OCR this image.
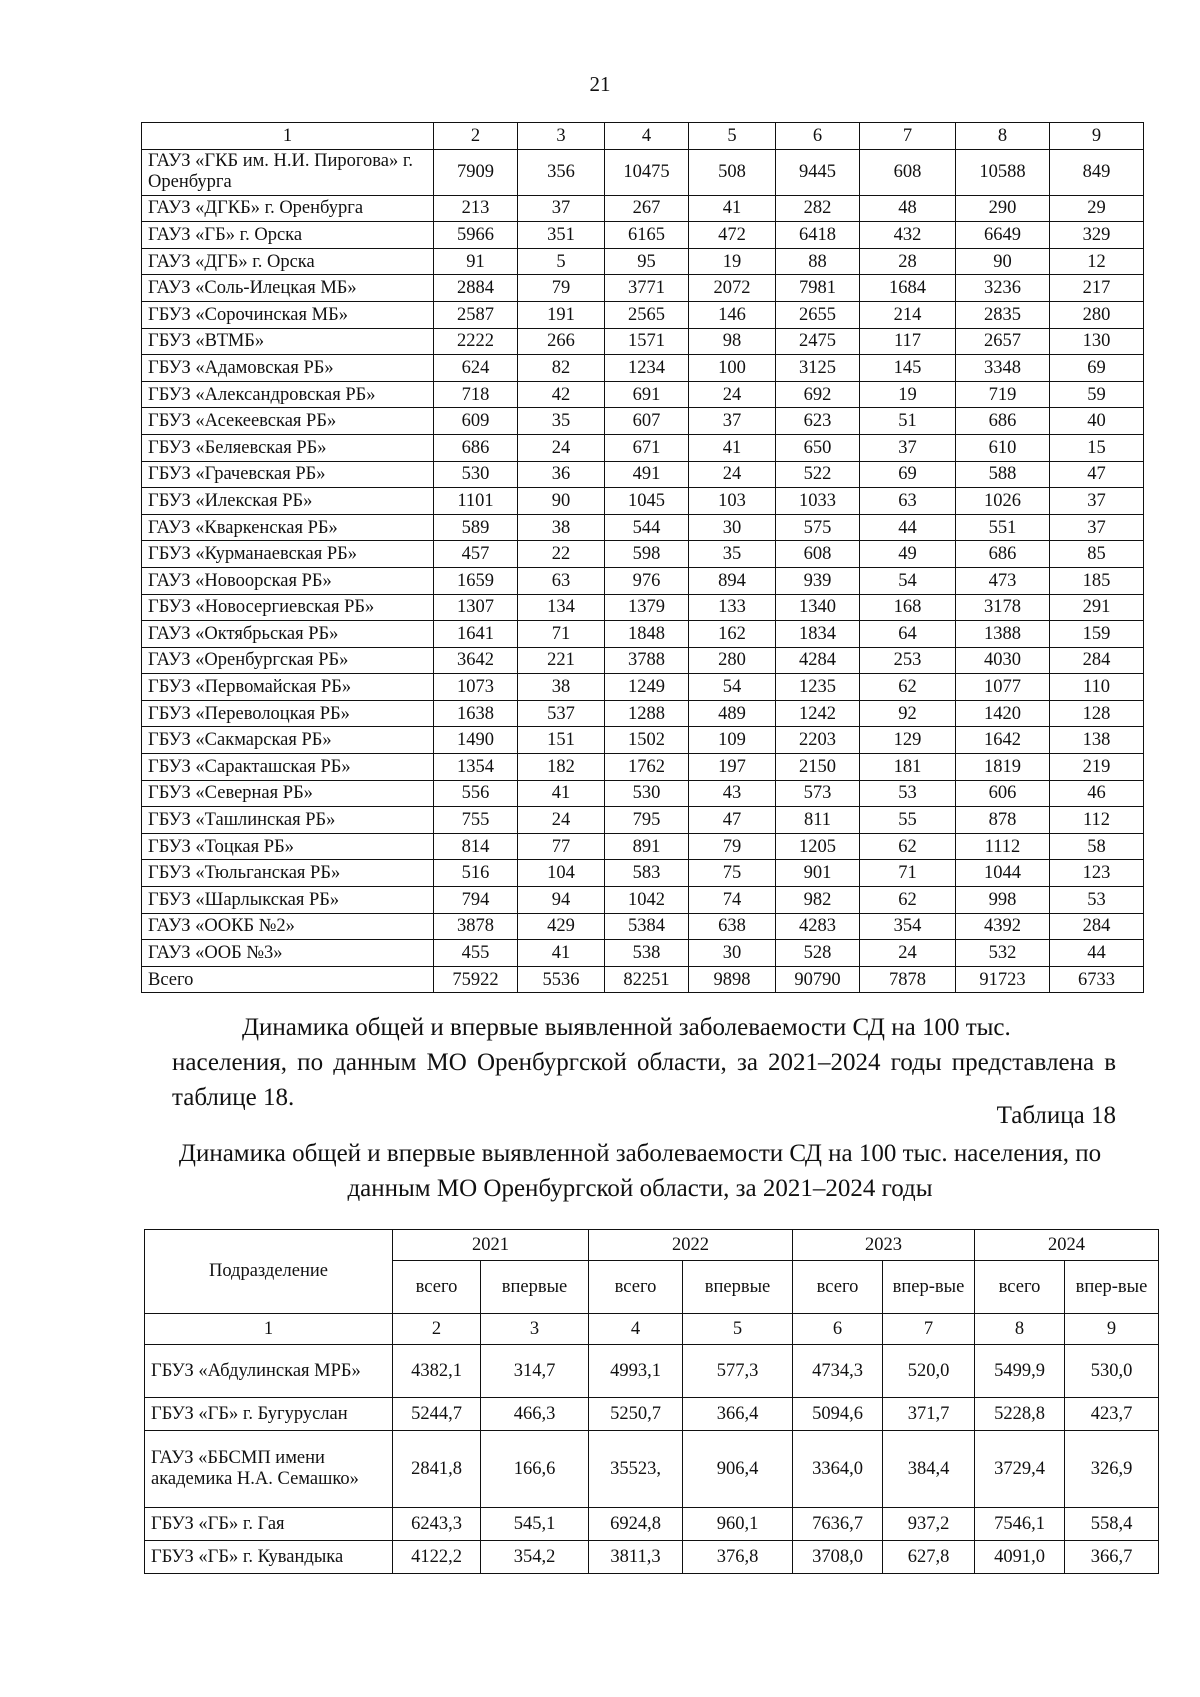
21
1	2	3	4	5	6	7	8	9
ГАУЗ «ГКБ им. Н.И. Пирогова» г. Оренбурга	7909	356	10475	508	9445	608	10588	849
ГАУЗ «ДГКБ» г. Оренбурга	213	37	267	41	282	48	290	29
ГАУЗ «ГБ» г. Орска	5966	351	6165	472	6418	432	6649	329
ГАУЗ «ДГБ» г. Орска	91	5	95	19	88	28	90	12
ГАУЗ «Соль-Илецкая МБ»	2884	79	3771	2072	7981	1684	3236	217
ГБУЗ «Сорочинская МБ»	2587	191	2565	146	2655	214	2835	280
ГБУЗ «ВТМБ»	2222	266	1571	98	2475	117	2657	130
ГБУЗ «Адамовская РБ»	624	82	1234	100	3125	145	3348	69
ГБУЗ «Александровская РБ»	718	42	691	24	692	19	719	59
ГБУЗ «Асекеевская РБ»	609	35	607	37	623	51	686	40
ГБУЗ «Беляевская РБ»	686	24	671	41	650	37	610	15
ГБУЗ «Грачевская РБ»	530	36	491	24	522	69	588	47
ГБУЗ «Илекская РБ»	1101	90	1045	103	1033	63	1026	37
ГАУЗ «Кваркенская РБ»	589	38	544	30	575	44	551	37
ГБУЗ «Курманаевская РБ»	457	22	598	35	608	49	686	85
ГАУЗ «Новоорская РБ»	1659	63	976	894	939	54	473	185
ГБУЗ «Новосергиевская РБ»	1307	134	1379	133	1340	168	3178	291
ГАУЗ «Октябрьская РБ»	1641	71	1848	162	1834	64	1388	159
ГАУЗ «Оренбургская РБ»	3642	221	3788	280	4284	253	4030	284
ГБУЗ «Первомайская РБ»	1073	38	1249	54	1235	62	1077	110
ГБУЗ «Переволоцкая РБ»	1638	537	1288	489	1242	92	1420	128
ГБУЗ «Сакмарская РБ»	1490	151	1502	109	2203	129	1642	138
ГБУЗ «Саракташская РБ»	1354	182	1762	197	2150	181	1819	219
ГБУЗ «Северная РБ»	556	41	530	43	573	53	606	46
ГБУЗ «Ташлинская РБ»	755	24	795	47	811	55	878	112
ГБУЗ «Тоцкая РБ»	814	77	891	79	1205	62	1112	58
ГБУЗ «Тюльганская РБ»	516	104	583	75	901	71	1044	123
ГБУЗ «Шарлыкская РБ»	794	94	1042	74	982	62	998	53
ГАУЗ «ООКБ №2»	3878	429	5384	638	4283	354	4392	284
ГАУЗ «ООБ №3»	455	41	538	30	528	24	532	44
Всего	75922	5536	82251	9898	90790	7878	91723	6733
Динамика общей и впервые выявленной заболеваемости СД на 100 тыс.
населения, по данным МО Оренбургской области, за 2021–2024 годы представлена в таблице 18.
Таблица 18
Динамика общей и впервые выявленной заболеваемости СД на 100 тыс. населения, по данным МО Оренбургской области, за 2021–2024 годы
Подразделение	2021		2022		2023		2024	
	всего	впервые	всего	впервые	всего	впер-вые	всего	впер-вые
1	2	3	4	5	6	7	8	9
ГБУЗ «Абдулинская МРБ»	4382,1	314,7	4993,1	577,3	4734,3	520,0	5499,9	530,0
ГБУЗ «ГБ» г. Бугуруслан	5244,7	466,3	5250,7	366,4	5094,6	371,7	5228,8	423,7
ГАУЗ «ББСМП имени академика Н.А. Семашко»	2841,8	166,6	35523,	906,4	3364,0	384,4	3729,4	326,9
ГБУЗ «ГБ» г. Гая	6243,3	545,1	6924,8	960,1	7636,7	937,2	7546,1	558,4
ГБУЗ «ГБ» г. Кувандыка	4122,2	354,2	3811,3	376,8	3708,0	627,8	4091,0	366,7
